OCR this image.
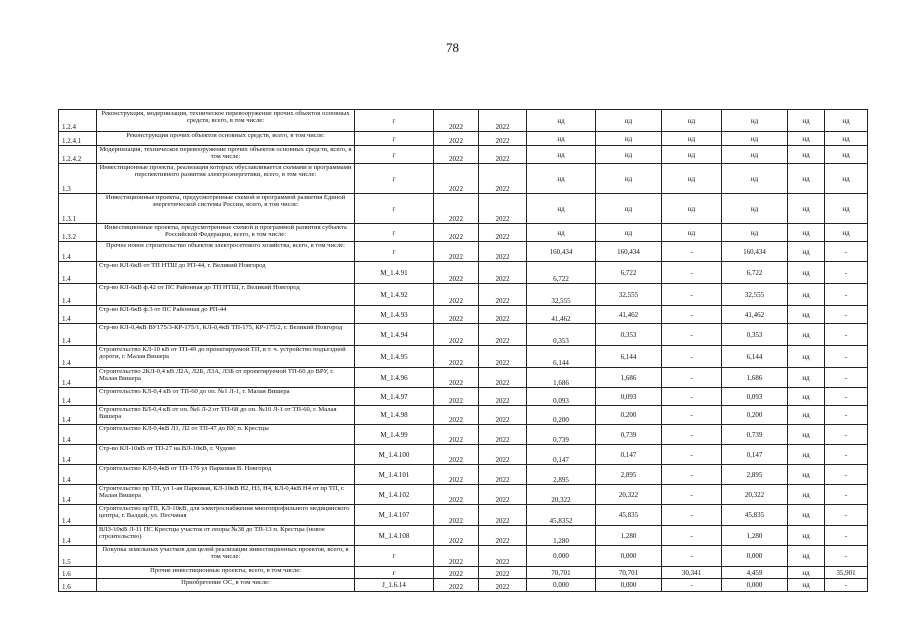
78
1.2.4	Реконструкция, модернизация, техническое перевооружение прочих объектов основных средств, всего, в том числе:	г	2022	2022	нд	нд	нд	нд	нд	нд
1.2.4.1	Реконструкция прочих объектов основных средств, всего, в том числе:	г	2022	2022	нд	нд	нд	нд	нд	нд
1.2.4.2	Модернизация, техническое перевооружение прочих объектов основных средств, всего, в том числе:	г	2022	2022	нд	нд	нд	нд	нд	нд
1.3	Инвестиционные проекты, реализация которых обуславливается схемами и программами перспективного развития электроэнергетики, всего, в том числе:	г	2022	2022	нд	нд	нд	нд	нд	нд
1.3.1	Инвестиционные проекты, предусмотренные схемой и программой развития Единой энергетической системы России, всего, в том числе:	г	2022	2022	нд	нд	нд	нд	нд	нд
1.3.2	Инвестиционные проекты, предусмотренные схемой и программой развития субъекта Российской Федерации, всего, в том числе:	г	2022	2022	нд	нд	нд	нд	нд	нд
1.4	Прочее новое строительство объектов электросетевого хозяйства, всего, в том числе:	г	2022	2022	160,434	160,434	-	160,434	нд	-
1.4	Стр-во КЛ-6кВ от ТП НТШ до РП-44, г. Великий Новгород	M_1.4.91	2022	2022	6,722	6,722	-	6,722	нд	-
1.4	Стр-во КЛ-6кВ ф.42 от ПС Районная до ТП НТШ, г. Великий Новгород	M_1.4.92	2022	2022	32,555	32,555	-	32,555	нд	-
1.4	Стр-во КЛ-6кВ ф.3 от ПС Районная до РП-44	M_1.4.93	2022	2022	41,462	41,462	-	41,462	нд	-
1.4	Стр-во КЛ-0,4кВ ВУ175/3-КР-175/1, КЛ-0,4кВ ТП-175, КР-175/2, г. Великий Новгород	M_1.4.94	2022	2022	0,353	0,353	-	0,353	нд	-
1.4	Строительство КЛ-10 кВ от ТП-49 до проектируемой ТП, в т. ч. устройство подъездной дороги, г. Малая Вишера	M_1.4.95	2022	2022	6,144	6,144	-	6,144	нд	-
1.4	Строительство 2КЛ-0,4 кВ Л2А, Л2Б, Л3А, Л3Б от проектируемой ТП-60 до ВРУ, г. Малая Вишера	M_1.4.96	2022	2022	1,686	1,686	-	1,686	нд	-
1.4	Строительство КЛ-0,4 кВ от ТП-60 до оп. №1 Л-1, г. Малая Вишера	M_1.4.97	2022	2022	0,093	0,093	-	0,093	нд	-
1.4	Строительство ВЛ-0,4 кВ от оп. №6 Л-2 от ТП-68 до оп. №10 Л-1 от ТП-60, г. Малая Вишера	M_1.4.98	2022	2022	0,200	0,200	-	0,200	нд	-
1.4	Строительство КЛ-0,4кВ Л1, Л2 от ТП-47 до ВУ, п. Крестцы	M_1.4.99	2022	2022	0,739	0,739	-	0,739	нд	-
1.4	Стр-во КЛ-10кВ от ТП-27 на ВЛ-10кВ, г. Чудово	M_1.4.100	2022	2022	0,147	0,147	-	0,147	нд	-
1.4	Строительство КЛ-0,4кВ от ТП-176 ул Парковая В. Новгород	M_1.4.101	2022	2022	2,895	2,895	-	2,895	нд	-
1.4	Строительство пр ТП, ул 1-ая Парковая, КЛ-10кВ Н2, Н3, Н4, КЛ-0,4кВ Н4 от пр ТП, г. Малая Вишера	M_1.4.102	2022	2022	20,322	20,322	-	20,322	нд	-
1.4	Строительство прТП, КЛ-10кВ, для электроснабжения многопрофильного медицинского центра, г. Валдай, ул. Песчаная	M_1.4.107	2022	2022	45,8352	45,835	-	45,835	нд	-
1.4	ВЛЗ-10кВ Л-11 ПС Крестцы участок от опоры №38 до ТП-13 п. Крестцы (новое строительство)	M_1.4.108	2022	2022	1,280	1,280	-	1,280	нд	-
1.5	Покупка земельных участков для целей реализации инвестиционных проектов, всего, в том числе:	г	2022	2022	0,000	0,000	-	0,000	нд	-
1.6	Прочие инвестиционные проекты, всего, в том числе:	г	2022	2022	70,701	70,701	30,341	4,459	нд	35,901
1.6	Приобретение ОС, в том числе:	J_1.6.14	2022	2022	0,000	0,000	-	0,000	нд	-
